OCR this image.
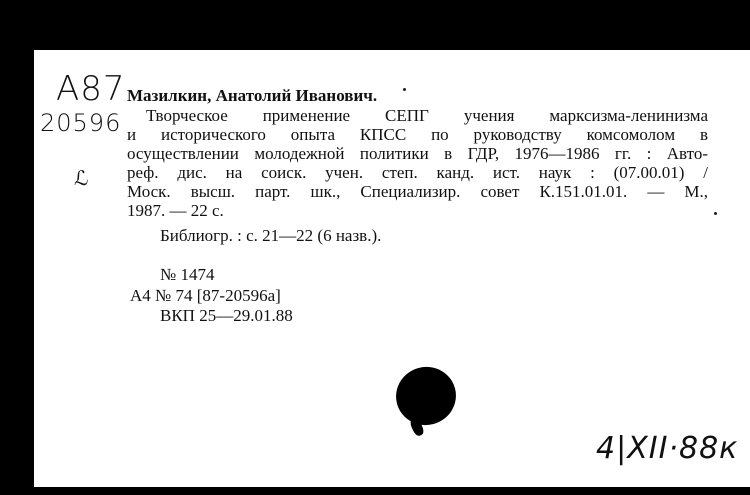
А87
20596
ℒ
Мазилкин, Анатолий Иванович.
Творческое применение СЕПГ учения марксизма-ленинизма
и исторического опыта КПСС по руководству комсомолом в
осуществлении молодежной политики в ГДР, 1976—1986 гг. : Авто-
реф. дис. на соиск. учен. степ. канд. ист. наук : (07.00.01) /
Моск. высш. парт. шк., Специализир. совет К.151.01.01. — М.,
1987. — 22 с.
Библиогр. : с. 21—22 (6 назв.).
№ 1474
А4 № 74 [87-20596а]
ВКП 25—29.01.88
4|XII·88к
